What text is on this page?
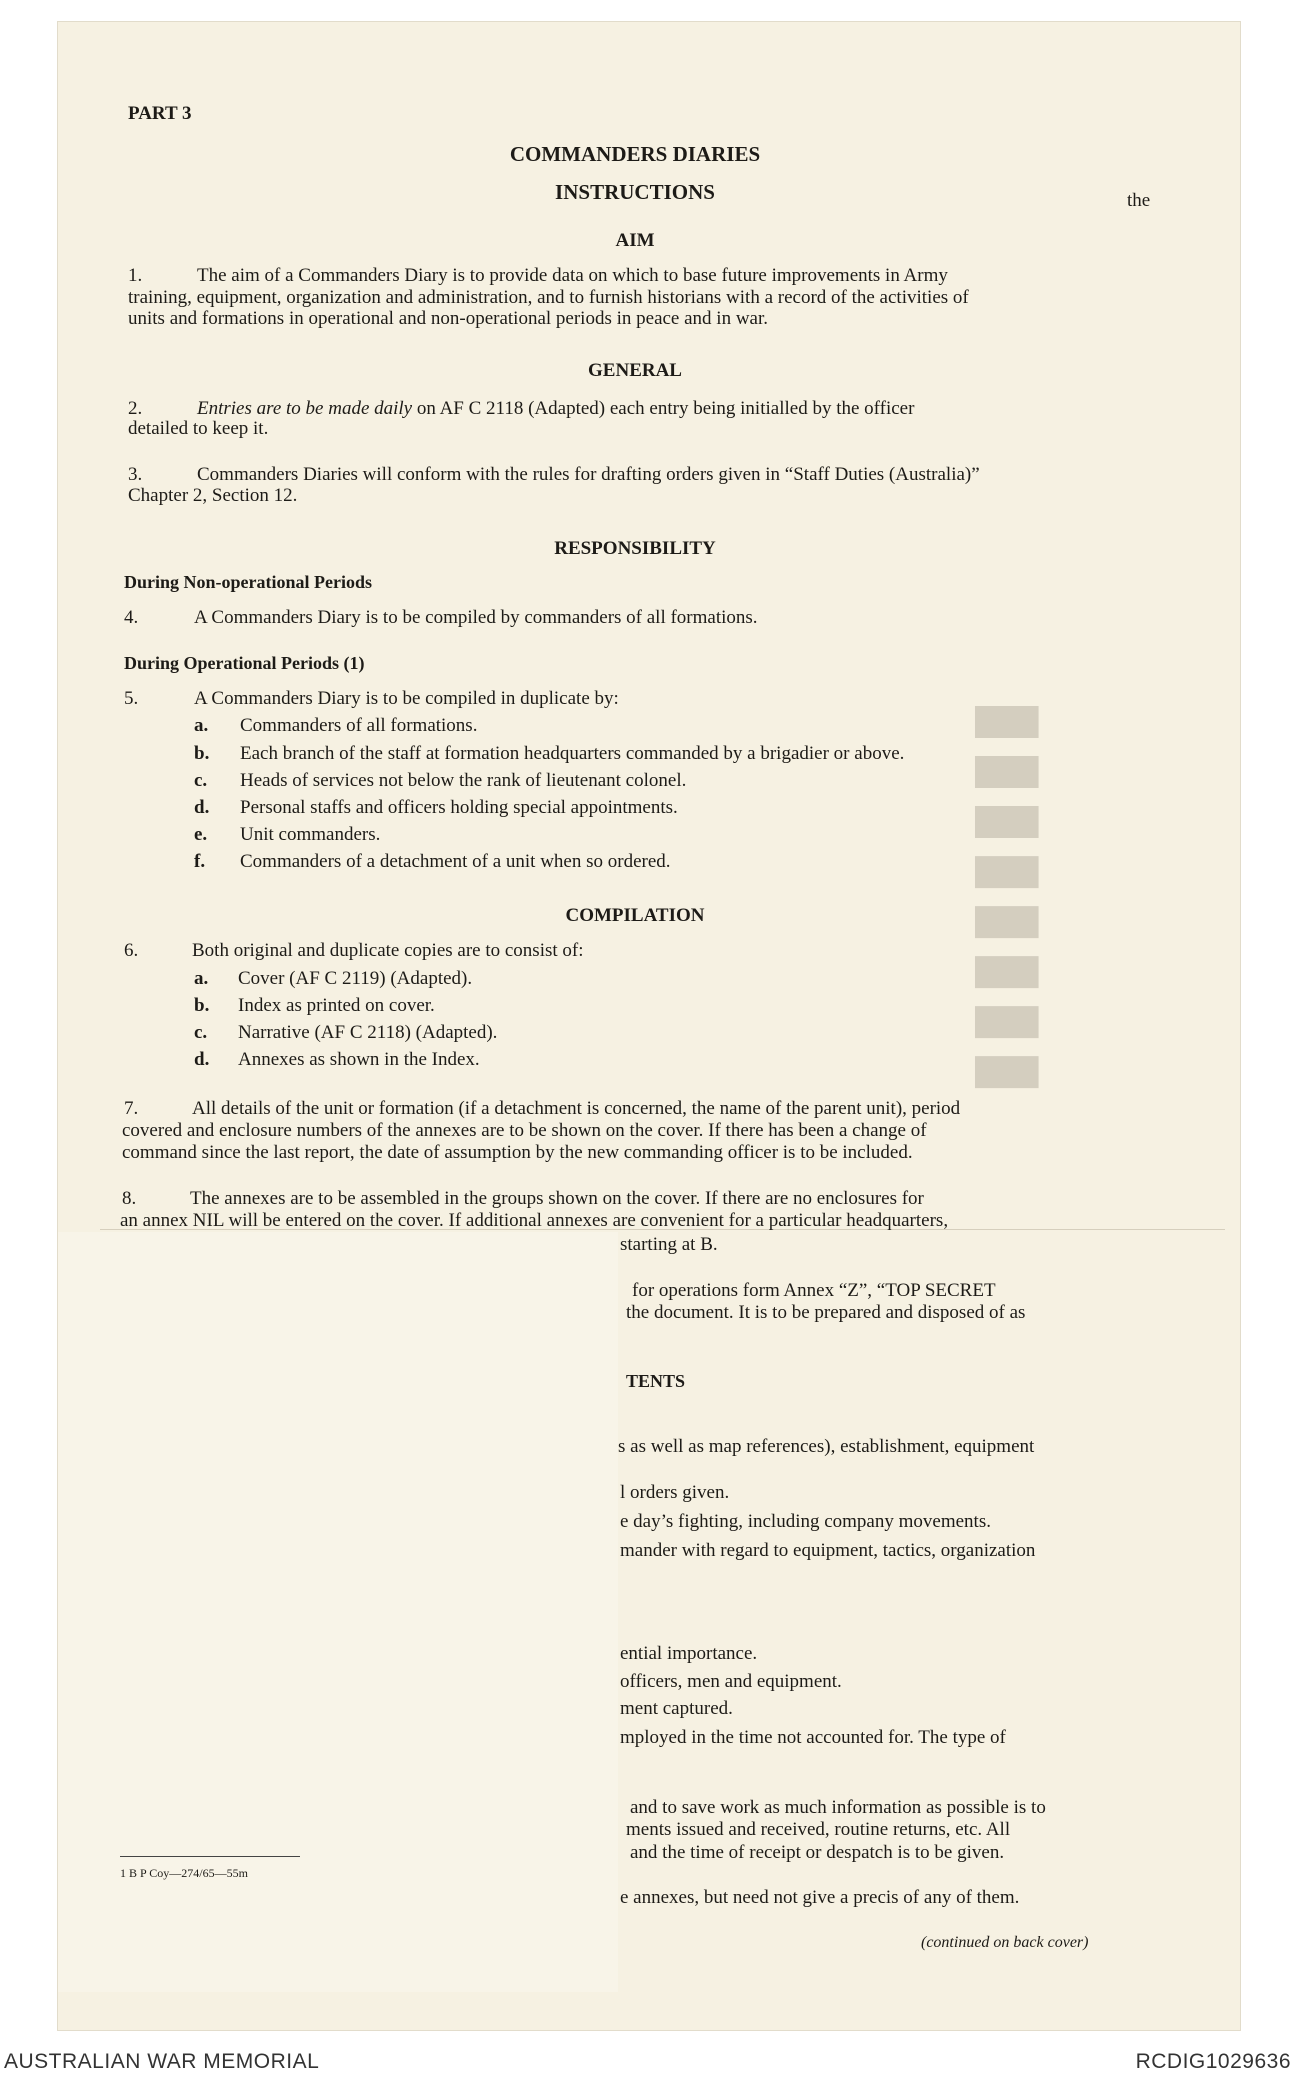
▮▮▮▮▮▮▮▮
PART 3
COMMANDERS DIARIES
INSTRUCTIONS	the
AIM
1.	The aim of a Commanders Diary is to provide data on which to base future improvements in Army
training, equipment, organization and administration, and to furnish historians with a record of the activities of
units and formations in operational and non-operational periods in peace and in war.
GENERAL
2.	Entries are to be made daily on AF C 2118 (Adapted) each entry being initialled by the officer
detailed to keep it.
3.	Commanders Diaries will conform with the rules for drafting orders given in “Staff Duties (Australia)”
Chapter 2, Section 12.
RESPONSIBILITY
During Non-operational Periods
4.	A Commanders Diary is to be compiled by commanders of all formations.
During Operational Periods (1)
5.	A Commanders Diary is to be compiled in duplicate by:
a. Commanders of all formations.
b. Each branch of the staff at formation headquarters commanded by a brigadier or above.
c. Heads of services not below the rank of lieutenant colonel.
d. Personal staffs and officers holding special appointments.
e. Unit commanders.
f. Commanders of a detachment of a unit when so ordered.
COMPILATION
6.	Both original and duplicate copies are to consist of:
a. Cover (AF C 2119) (Adapted).
b. Index as printed on cover.
c. Narrative (AF C 2118) (Adapted).
d. Annexes as shown in the Index.
7.	All details of the unit or formation (if a detachment is concerned, the name of the parent unit), period
covered and enclosure numbers of the annexes are to be shown on the cover. If there has been a change of
command since the last report, the date of assumption by the new commanding officer is to be included.
8.	The annexes are to be assembled in the groups shown on the cover. If there are no enclosures for
an annex NIL will be entered on the cover. If additional annexes are convenient for a particular headquarters,
starting at B.
for operations form Annex “Z”, “TOP SECRET
the document. It is to be prepared and disposed of as
TENTS
s as well as map references), establishment, equipment
l orders given.
e day’s fighting, including company movements.
mander with regard to equipment, tactics, organization
ential importance.
officers, men and equipment.
ment captured.
mployed in the time not accounted for. The type of
and to save work as much information as possible is to
ments issued and received, routine returns, etc. All
and the time of receipt or despatch is to be given.
e annexes, but need not give a precis of any of them.
1 B P Coy—274/65—55m
(continued on back cover)
AUSTRALIAN WAR MEMORIAL	RCDIG1029636
